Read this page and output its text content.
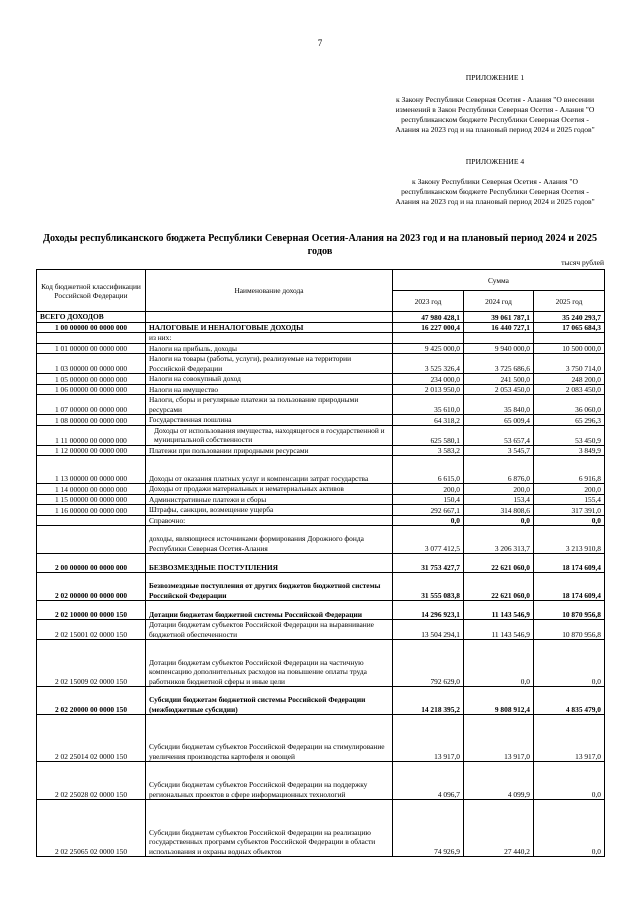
7
ПРИЛОЖЕНИЕ 1
к Закону Республики Северная Осетия - Алания "О внесении изменений в Закон Республики Северная Осетия - Алания "О республиканском бюджете Республики Северная Осетия - Алания на 2023 год и на плановый период 2024 и 2025 годов"
ПРИЛОЖЕНИЕ 4
к Закону Республики Северная Осетия - Алания "О республиканском бюджете Республики Северная Осетия - Алания на 2023 год и на плановый период 2024 и 2025 годов"
Доходы республиканского бюджета Республики Северная Осетия-Алания на 2023 год и на плановый период 2024 и 2025 годов
тысяч рублей
Код бюджетной классификации Российской Федерации	Наименование дохода	Сумма		
		2023 год	2024 год	2025 год
ВСЕГО ДОХОДОВ		47 980 428,1	39 061 787,1	35 240 293,7
1 00 00000 00 0000 000	НАЛОГОВЫЕ И НЕНАЛОГОВЫЕ ДОХОДЫ	16 227 000,4	16 440 727,1	17 065 684,3
	из них:			
1 01 00000 00 0000 000	Налоги на прибыль, доходы	9 425 000,0	9 940 000,0	10 500 000,0
1 03 00000 00 0000 000	Налоги на товары (работы, услуги), реализуемые на территории Российской Федерации	3 525 326,4	3 725 686,6	3 750 714,0
1 05 00000 00 0000 000	Налоги на совокупный доход	234 000,0	241 500,0	248 200,0
1 06 00000 00 0000 000	Налоги на имущество	2 013 950,0	2 053 450,0	2 083 450,0
1 07 00000 00 0000 000	Налоги, сборы и регулярные платежи за пользование природными ресурсами	35 610,0	35 840,0	36 060,0
1 08 00000 00 0000 000	Государственная пошлина	64 318,2	65 009,4	65 296,3
1 11 00000 00 0000 000	Доходы от использования имущества, находящегося в государственной и муниципальной собственности	625 580,1	53 657,4	53 450,9
1 12 00000 00 0000 000	Платежи при пользовании природными ресурсами	3 583,2	3 545,7	3 849,9
1 13 00000 00 0000 000	Доходы от оказания платных услуг и компенсации затрат государства	6 615,0	6 876,0	6 916,8
1 14 00000 00 0000 000	Доходы от продажи материальных и нематериальных активов	200,0	200,0	200,0
1 15 00000 00 0000 000	Административные платежи и сборы	150,4	153,4	155,4
1 16 00000 00 0000 000	Штрафы, санкции, возмещение ущерба	292 667,1	314 808,6	317 391,0
	Справочно:	0,0	0,0	0,0
	доходы, являющиеся источниками формирования Дорожного фонда Республики Северная Осетия-Алания	3 077 412,5	3 206 313,7	3 213 910,8
2 00 00000 00 0000 000	БЕЗВОЗМЕЗДНЫЕ ПОСТУПЛЕНИЯ	31 753 427,7	22 621 060,0	18 174 609,4
2 02 00000 00 0000 000	Безвозмездные поступления от других бюджетов бюджетной системы Российской Федерации	31 555 083,8	22 621 060,0	18 174 609,4
2 02 10000 00 0000 150	Дотации бюджетам бюджетной системы Российской Федерации	14 296 923,1	11 143 546,9	10 870 956,8
2 02 15001 02 0000 150	Дотации бюджетам субъектов Российской Федерации на выравнивание бюджетной обеспеченности	13 504 294,1	11 143 546,9	10 870 956,8
2 02 15009 02 0000 150	Дотации бюджетам субъектов Российской Федерации на частичную компенсацию дополнительных расходов на повышение оплаты труда работников бюджетной сферы и иные цели	792 629,0	0,0	0,0
2 02 20000 00 0000 150	Субсидии бюджетам бюджетной системы Российской Федерации (межбюджетные субсидии)	14 218 395,2	9 808 912,4	4 835 479,0
2 02 25014 02 0000 150	Субсидии бюджетам субъектов Российской Федерации на стимулирование увеличения производства картофеля и овощей	13 917,0	13 917,0	13 917,0
2 02 25028 02 0000 150	Субсидии бюджетам субъектов Российской Федерации на поддержку региональных проектов в сфере информационных технологий	4 096,7	4 099,9	0,0
2 02 25065 02 0000 150	Субсидии бюджетам субъектов Российской Федерации на реализацию государственных программ субъектов Российской Федерации в области использования и охраны водных объектов	74 926,9	27 440,2	0,0
